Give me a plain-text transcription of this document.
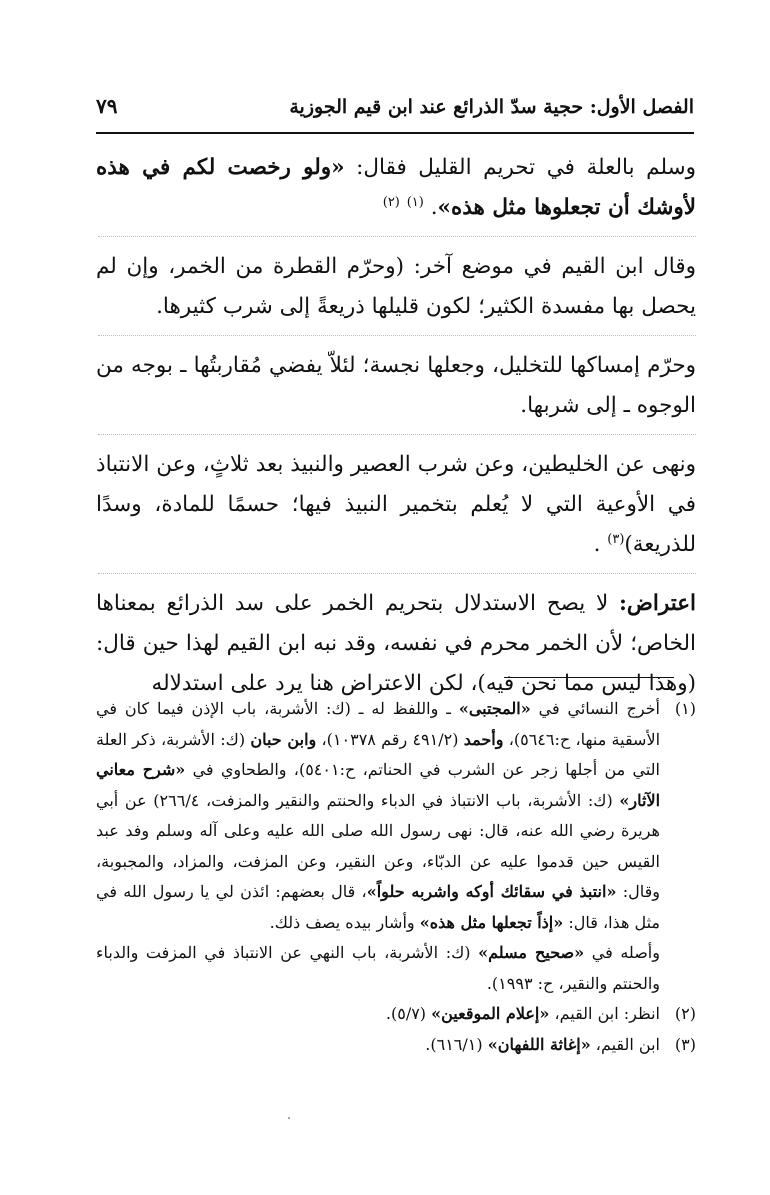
الفصل الأول: حجية سدّ الذرائع عند ابن قيم الجوزية
٧٩

وسلم بالعلة في تحريم القليل فقال: «ولو رخصت لكم في هذه لأوشك أن تجعلوها مثل هذه». $^{(١)}$ $^{(٢)}$

وقال ابن القيم في موضع آخر: (وحرّم القطرة من الخمر، وإن لم يحصل بها مفسدة الكثير؛ لكون قليلها ذريعةً إلى شرب كثيرها.

وحرّم إمساكها للتخليل، وجعلها نجسة؛ لئلاّ يفضي مُقاربتُها ـ بوجه من الوجوه ـ إلى شربها.

ونهى عن الخليطين، وعن شرب العصير والنبيذ بعد ثلاثٍ، وعن الانتباذ في الأوعية التي لا يُعلم بتخمير النبيذ فيها؛ حسمًا للمادة، وسدًا للذريعة)$^{(٣)}$ .

اعتراض: لا يصح الاستدلال بتحريم الخمر على سد الذرائع بمعناها الخاص؛ لأن الخمر محرم في نفسه، وقد نبه ابن القيم لهذا حين قال: (وهذا ليس مما نحن فيه)، لكن الاعتراض هنا يرد على استدلاله

(١)
أخرج النسائي في «المجتبى» ـ واللفظ له ـ (ك: الأشربة، باب الإذن فيما كان في الأسقية منها، ح:٥٦٤٦)، وأحمد (٤٩١/٢ رقم ١٠٣٧٨)، وابن حبان (ك: الأشربة، ذكر العلة التي من أجلها زجر عن الشرب في الحناتم، ح:٥٤٠١)، والطحاوي في «شرح معاني الآثار» (ك: الأشربة، باب الانتباذ في الدباء والحنتم والنقير والمزفت، ٢٦٦/٤) عن أبي هريرة رضي الله عنه، قال: نهى رسول الله صلى الله عليه وعلى آله وسلم وفد عبد القيس حين قدموا عليه عن الدبّاء، وعن النقير، وعن المزفت، والمزاد، والمجبوبة، وقال: «انتبذ في سقائك أوكه واشربه حلواً»، قال بعضهم: ائذن لي يا رسول الله في مثل هذا، قال: «إذاً تجعلها مثل هذه» وأشار بيده يصف ذلك.
وأصله في «صحيح مسلم» (ك: الأشربة، باب النهي عن الانتباذ في المزفت والدباء والحنتم والنقير، ح: ١٩٩٣).
(٢)
انظر: ابن القيم، «إعلام الموقعين» (٥/٧).
(٣)
ابن القيم، «إغاثة اللفهان» (٦١٦/١).
